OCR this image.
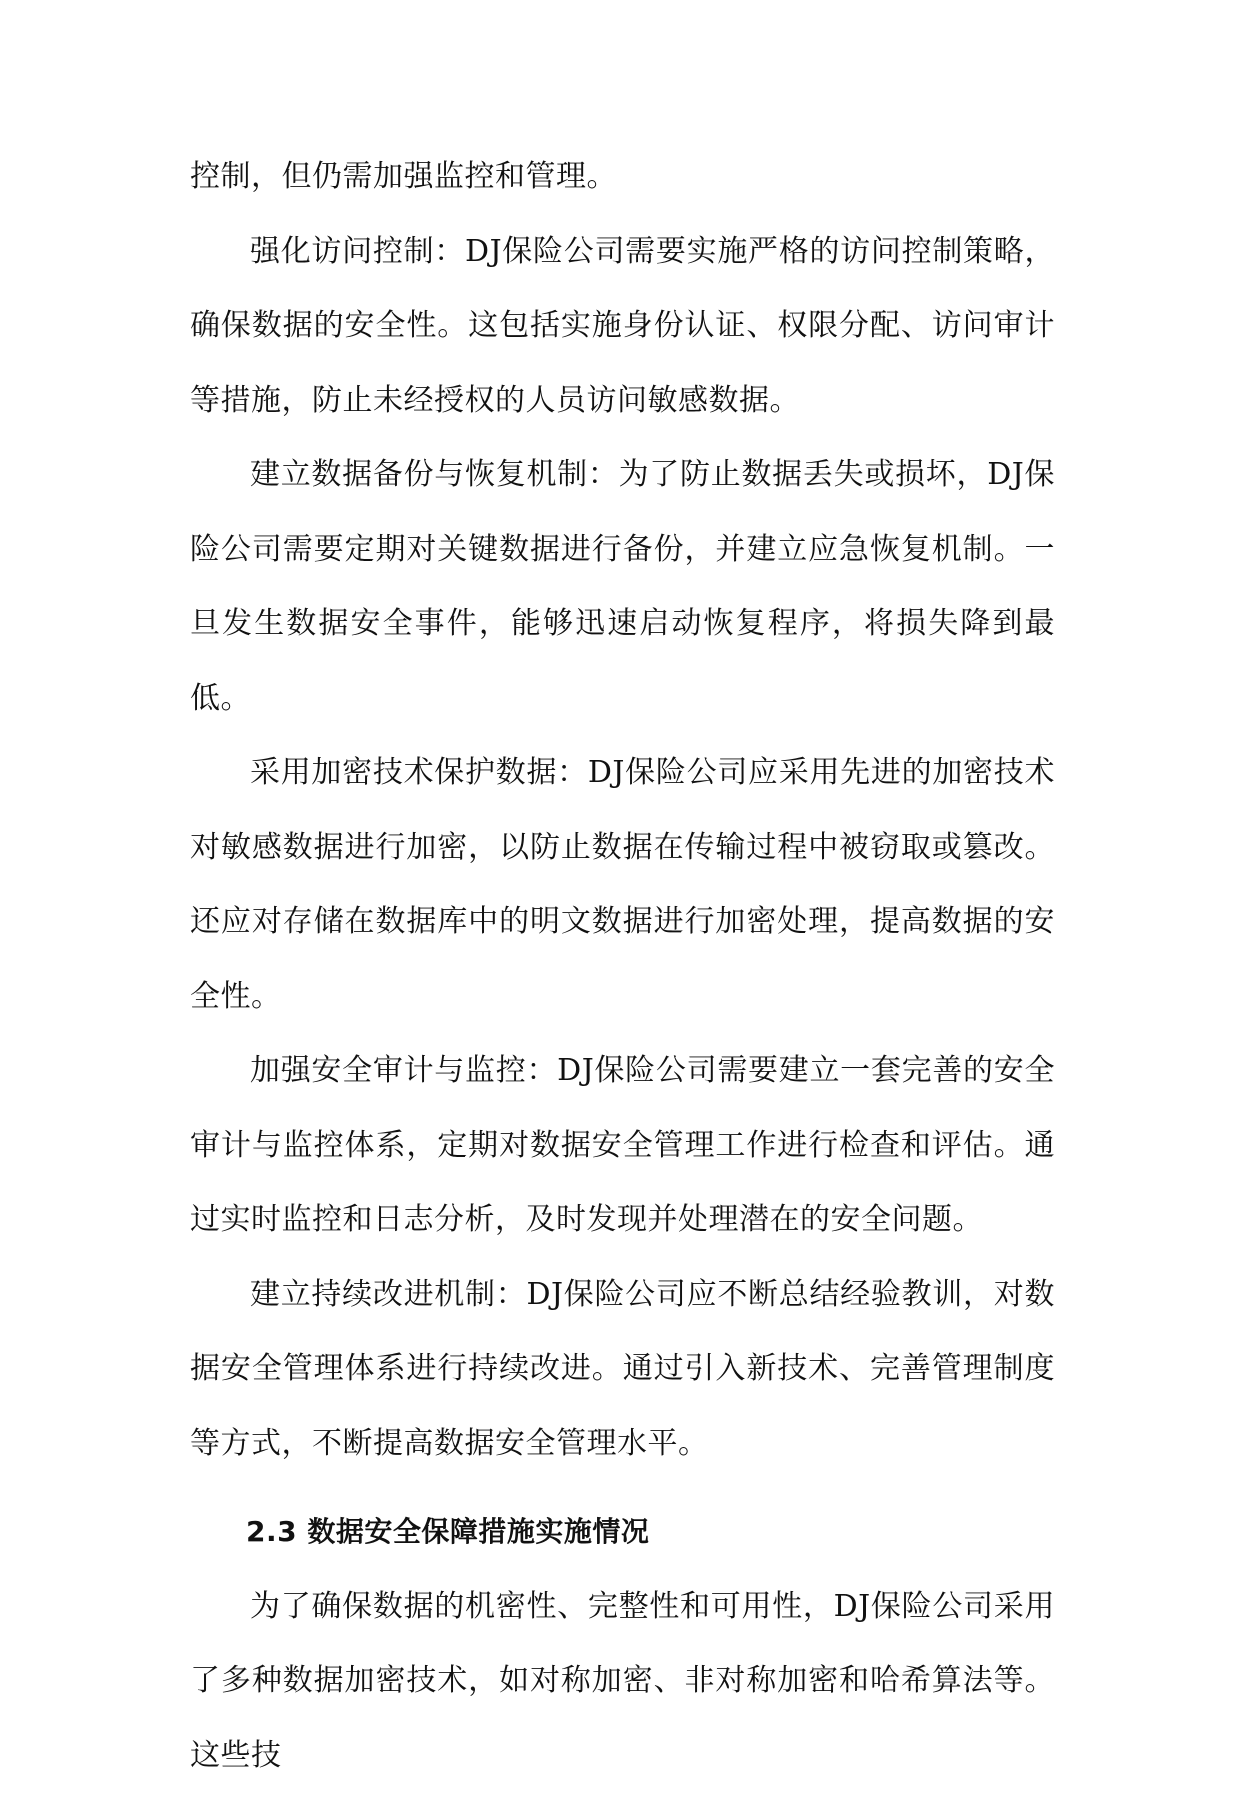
控制，但仍需加强监控和管理。

强化访问控制：DJ保险公司需要实施严格的访问控制策略，确保数据的安全性。这包括实施身份认证、权限分配、访问审计等措施，防止未经授权的人员访问敏感数据。

建立数据备份与恢复机制：为了防止数据丢失或损坏，DJ保险公司需要定期对关键数据进行备份，并建立应急恢复机制。一旦发生数据安全事件，能够迅速启动恢复程序，将损失降到最低。

采用加密技术保护数据：DJ保险公司应采用先进的加密技术对敏感数据进行加密，以防止数据在传输过程中被窃取或篡改。还应对存储在数据库中的明文数据进行加密处理，提高数据的安全性。

加强安全审计与监控：DJ保险公司需要建立一套完善的安全审计与监控体系，定期对数据安全管理工作进行检查和评估。通过实时监控和日志分析，及时发现并处理潜在的安全问题。

建立持续改进机制：DJ保险公司应不断总结经验教训，对数据安全管理体系进行持续改进。通过引入新技术、完善管理制度等方式，不断提高数据安全管理水平。

2.3 数据安全保障措施实施情况

为了确保数据的机密性、完整性和可用性，DJ保险公司采用了多种数据加密技术，如对称加密、非对称加密和哈希算法等。这些技
